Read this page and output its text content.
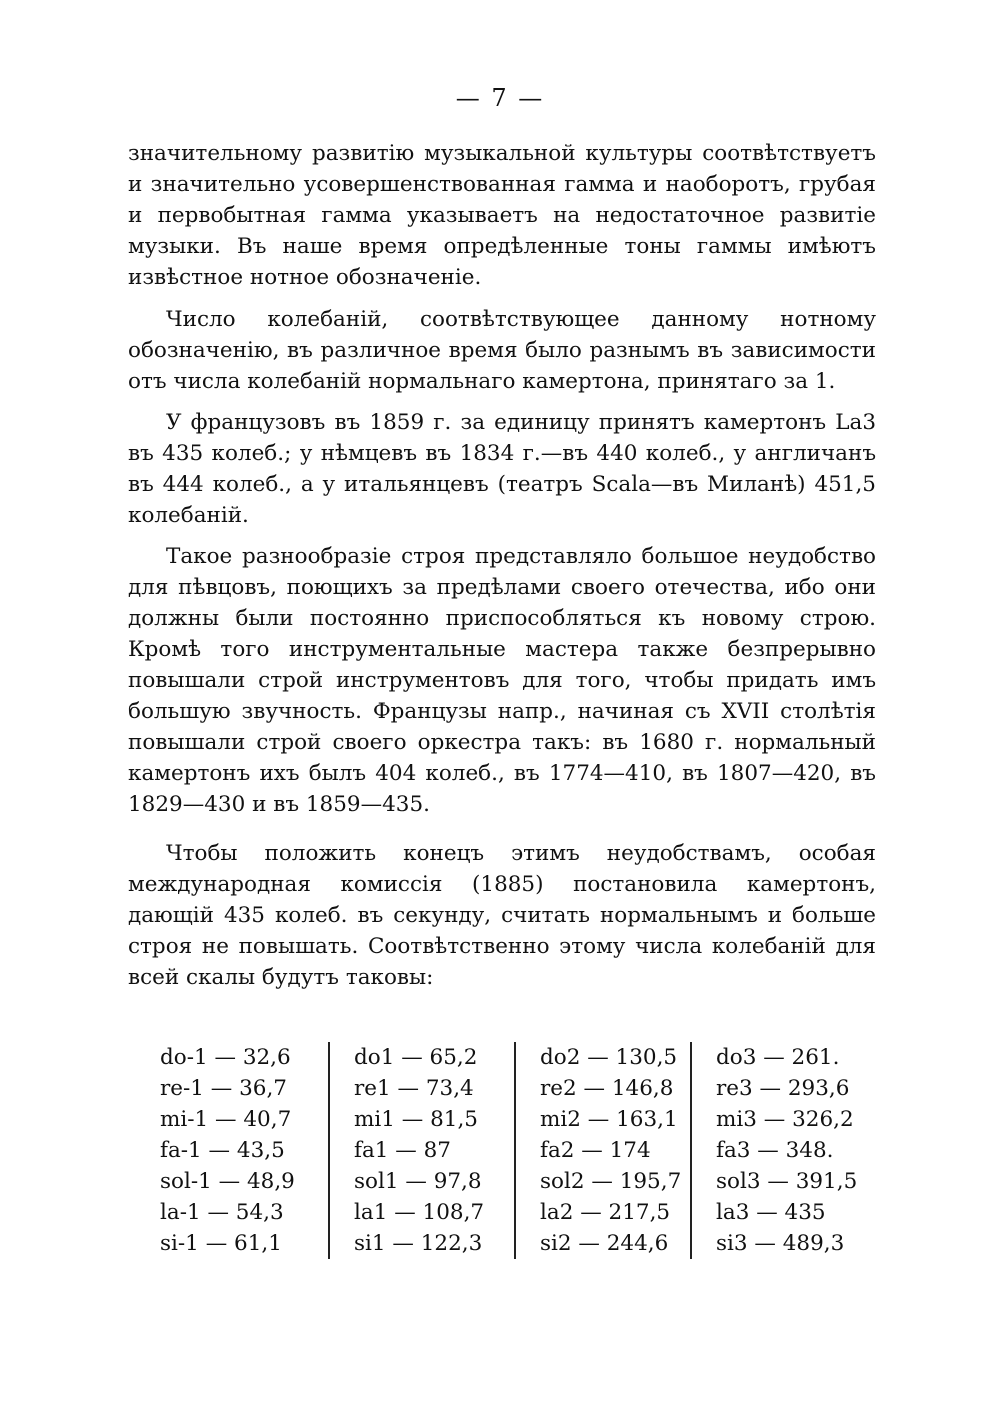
— 7 —

значительному развитію музыкальной культуры соотвѣтствуетъ и значительно усовершенствованная гамма и наоборотъ, грубая и первобытная гамма указываетъ на недостаточное развитіе музыки. Въ наше время опредѣленные тоны гаммы имѣютъ извѣстное нотное обозначеніе.

Число колебаній, соотвѣтствующее данному нотному обозначенію, въ различное время было разнымъ въ зависимости отъ числа колебаній нормальнаго камертона, принятаго за 1.

У французовъ въ 1859 г. за единицу принятъ камертонъ La3 въ 435 колеб.; у нѣмцевъ въ 1834 г.—въ 440 колеб., у англичанъ въ 444 колеб., а у итальянцевъ (театръ Scala—въ Миланѣ) 451,5 колебаній.

Такое разнообразіе строя представляло большое неудобство для пѣвцовъ, поющихъ за предѣлами своего отечества, ибо они должны были постоянно приспособляться къ новому строю. Кромѣ того инструментальные мастера также безпрерывно повышали строй инструментовъ для того, чтобы придать имъ большую звучность. Французы напр., начиная съ XVII столѣтія повышали строй своего оркестра такъ: въ 1680 г. нормальный камертонъ ихъ былъ 404 колеб., въ 1774—410, въ 1807—420, въ 1829—430 и въ 1859—435.

Чтобы положить конецъ этимъ неудобствамъ, особая международная комиссія (1885) постановила камертонъ, дающій 435 колеб. въ секунду, считать нормальнымъ и больше строя не повышать. Соотвѣтственно этому числа колебаній для всей скалы будутъ таковы:

do-1 — 32,6
re-1 — 36,7
mi-1 — 40,7
fa-1 — 43,5
sol-1 — 48,9
la-1 — 54,3
si-1 — 61,1
do1 — 65,2
re1 — 73,4
mi1 — 81,5
fa1 — 87
sol1 — 97,8
la1 — 108,7
si1 — 122,3
do2 — 130,5
re2 — 146,8
mi2 — 163,1
fa2 — 174
sol2 — 195,7
la2 — 217,5
si2 — 244,6
do3 — 261.
re3 — 293,6
mi3 — 326,2
fa3 — 348.
sol3 — 391,5
la3 — 435
si3 — 489,3
